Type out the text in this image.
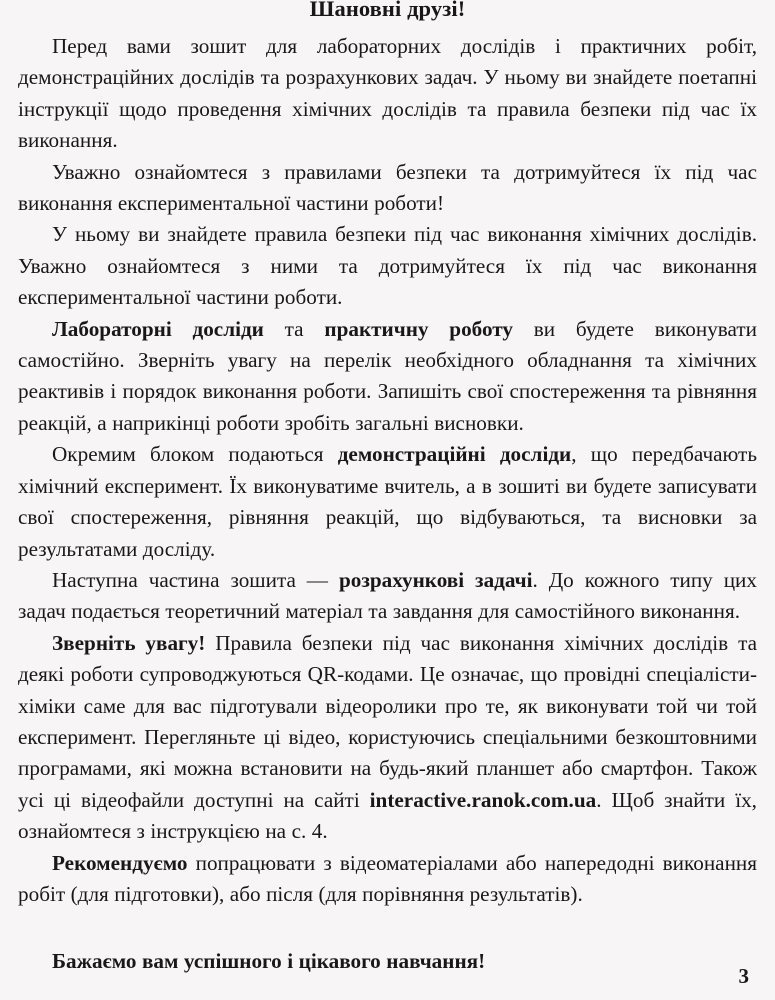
Шановні друзі!

Перед вами зошит для лабораторних дослідів і практичних робіт, демонстраційних дослідів та розрахункових задач. У ньому ви знайдете поетапні інструкції щодо проведення хімічних дослідів та правила безпеки під час їх виконання.

Уважно ознайомтеся з правилами безпеки та дотримуйтеся їх під час виконання експериментальної частини роботи!

У ньому ви знайдете правила безпеки під час виконання хімічних дослідів. Уважно ознайомтеся з ними та дотримуйтеся їх під час виконання експериментальної частини роботи.

Лабораторні досліди та практичну роботу ви будете виконувати самостійно. Зверніть увагу на перелік необхідного обладнання та хімічних реактивів і порядок виконання роботи. Запишіть свої спостереження та рівняння реакцій, а наприкінці роботи зробіть загальні висновки.

Окремим блоком подаються демонстраційні досліди, що передбачають хімічний експеримент. Їх виконуватиме вчитель, а в зошиті ви будете записувати свої спостереження, рівняння реакцій, що відбуваються, та висновки за результатами досліду.

Наступна частина зошита — розрахункові задачі. До кожного типу цих задач подається теоретичний матеріал та завдання для самостійного виконання.

Зверніть увагу! Правила безпеки під час виконання хімічних дослідів та деякі роботи супроводжуються QR-кодами. Це означає, що провідні спеціалісти-хіміки саме для вас підготували відеоролики про те, як виконувати той чи той експеримент. Перегляньте ці відео, користуючись спеціальними безкоштовними програмами, які можна встановити на будь-який планшет або смартфон. Також усі ці відеофайли доступні на сайті interactive.ranok.com.ua. Щоб знайти їх, ознайомтеся з інструкцією на с. 4.

Рекомендуємо попрацювати з відеоматеріалами або напередодні виконання робіт (для підготовки), або після (для порівняння результатів).

Бажаємо вам успішного і цікавого навчання!

3
